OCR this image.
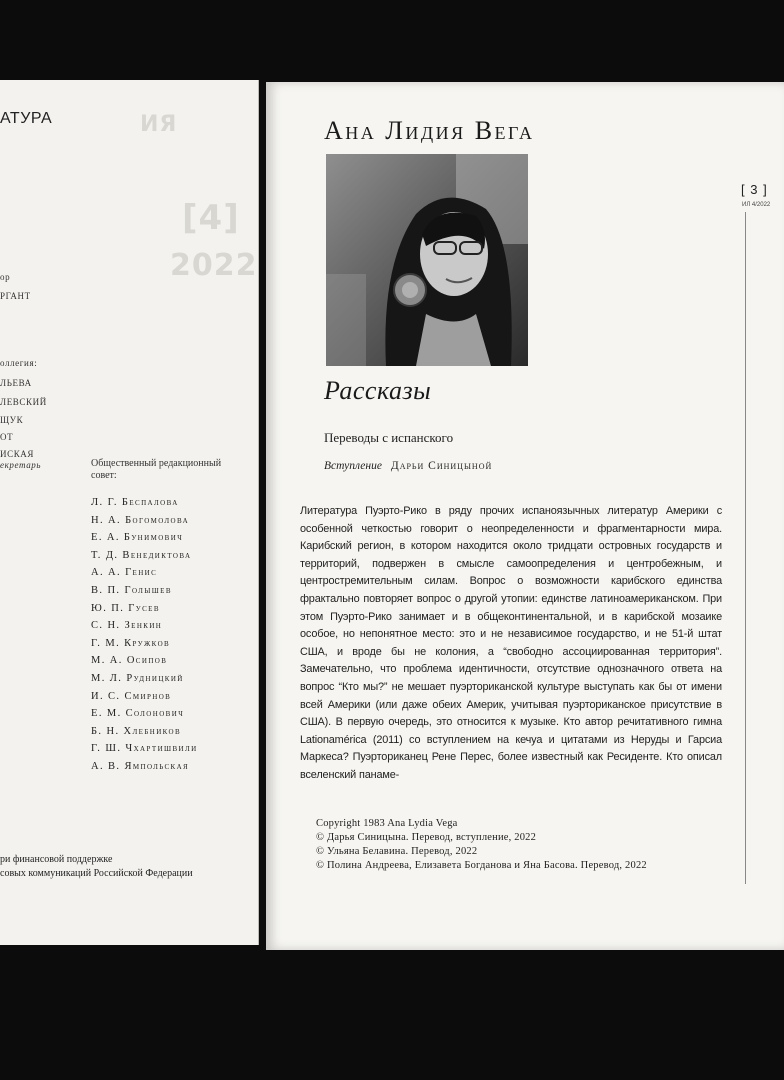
ИЯ
[4]
2022
АТУРА
ор
РГАНТ
оллегия:
ЛЬЕВА
ЛЕВСКИЙ
ЩУК
ОТ
ИСКАЯ
екретарь	Общественный редакционный совет:
Л. Г. Беспалова
Н. А. Богомолова
Е. А. Бунимович
Т. Д. Венедиктова
А. А. Генис
В. П. Голышев
Ю. П. Гусев
С. Н. Зенкин
Г. М. Кружков
М. А. Осипов
М. Л. Рудницкий
И. С. Смирнов
Е. М. Солонович
Б. Н. Хлебников
Г. Ш. Чхартишвили
А. В. Ямпольская
ри финансовой поддержке
совых коммуникаций Российской Федерации
Ана Лидия Вега
Рассказы
Переводы с испанского
Вступление Дарьи Синицыной

Литература Пуэрто-Рико в ряду прочих испаноязычных литератур Америки с особенной четкостью говорит о неопределенности и фрагментарности мира. Карибский регион, в котором находится около тридцати островных государств и территорий, подвержен в смысле самоопределения и центробежным, и центростремительным силам. Вопрос о возможности карибского единства фрактально повторяет вопрос о другой утопии: единстве латиноамериканском. При этом Пуэрто-Рико занимает и в общеконтинентальной, и в карибской мозаике особое, но непонятное место: это и не независимое государство, и не 51-й штат США, и вроде бы не колония, а “свободно ассоциированная территория”. Замечательно, что проблема идентичности, отсутствие однозначного ответа на вопрос “Кто мы?” не мешает пуэрториканской культуре выступать как бы от имени всей Америки (или даже обеих Америк, учитывая пуэрториканское присутствие в США). В первую очередь, это относится к музыке. Кто автор речитативного гимна Lationamérica (2011) со вступлением на кечуа и цитатами из Неруды и Гарсиа Маркеса? Пуэрториканец Рене Перес, более известный как Ресиденте. Кто описал вселенский панаме-

Copyright 1983 Ana Lydia Vega
© Дарья Синицына. Перевод, вступление, 2022
© Ульяна Белавина. Перевод, 2022
© Полина Андреева, Елизавета Богданова и Яна Басова. Перевод, 2022
[ 3 ]
ИЛ 4/2022
